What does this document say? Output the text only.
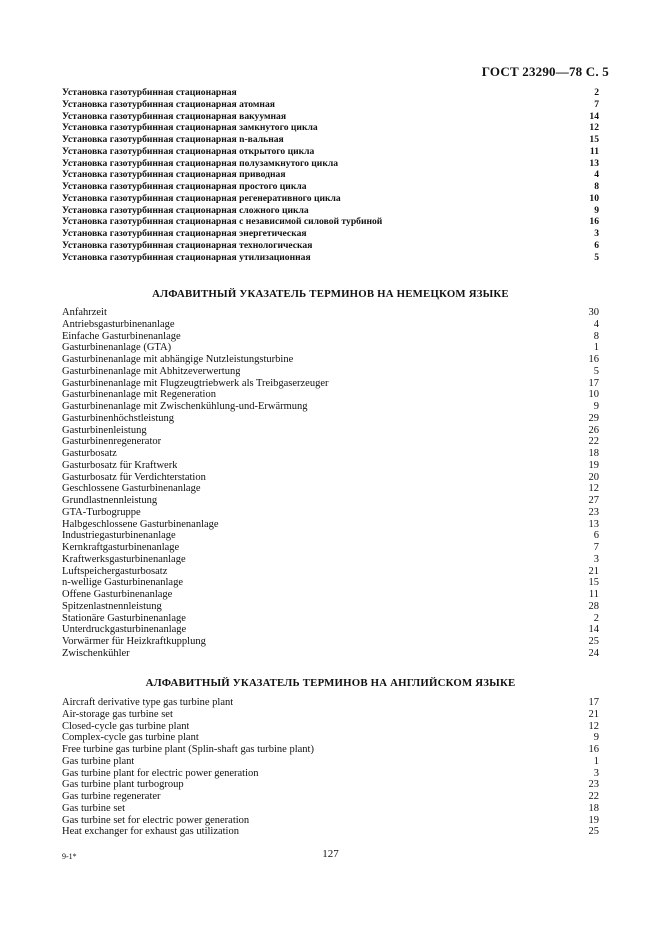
ГОСТ 23290—78 С. 5
Установка газотурбинная стационарная	2
Установка газотурбинная стационарная атомная	7
Установка газотурбинная стационарная вакуумная	14
Установка газотурбинная стационарная замкнутого цикла	12
Установка газотурбинная стационарная n-вальная	15
Установка газотурбинная стационарная открытого цикла	11
Установка газотурбинная стационарная полузамкнутого цикла	13
Установка газотурбинная стационарная приводная	4
Установка газотурбинная стационарная простого цикла	8
Установка газотурбинная стационарная регенеративного цикла	10
Установка газотурбинная стационарная сложного цикла	9
Установка газотурбинная стационарная с независимой силовой турбиной	16
Установка газотурбинная стационарная энергетическая	3
Установка газотурбинная стационарная технологическая	6
Установка газотурбинная стационарная утилизационная	5
АЛФАВИТНЫЙ УКАЗАТЕЛЬ ТЕРМИНОВ НА НЕМЕЦКОМ ЯЗЫКЕ
Anfahrzeit	30
Antriebsgasturbinenanlage	4
Einfache Gasturbinenanlage	8
Gasturbinenanlage (GTA)	1
Gasturbinenanlage mit abhängige Nutzleistungsturbine	16
Gasturbinenanlage mit Abhitzeverwertung	5
Gasturbinenanlage mit Flugzeugtriebwerk als Treibgaserzeuger	17
Gasturbinenanlage mit Regeneration	10
Gasturbinenanlage mit Zwischenkühlung-und-Erwärmung	9
Gasturbinenhöchstleistung	29
Gasturbinenleistung	26
Gasturbinenregenerator	22
Gasturbosatz	18
Gasturbosatz für Kraftwerk	19
Gasturbosatz für Verdichterstation	20
Geschlossene Gasturbinenanlage	12
Grundlastnennleistung	27
GTA-Turbogruppe	23
Halbgeschlossene Gasturbinenanlage	13
Industriegasturbinenanlage	6
Kernkraftgasturbinenanlage	7
Kraftwerksgasturbinenanlage	3
Luftspeichergasturbosatz	21
n-wellige Gasturbinenanlage	15
Offene Gasturbinenanlage	11
Spitzenlastnennleistung	28
Stationäre Gasturbinenanlage	2
Unterdruckgasturbinenanlage	14
Vorwärmer für Heizkraftkupplung	25
Zwischenkühler	24
АЛФАВИТНЫЙ УКАЗАТЕЛЬ ТЕРМИНОВ НА АНГЛИЙСКОМ ЯЗЫКЕ
Aircraft derivative type gas turbine plant	17
Air-storage gas turbine set	21
Closed-cycle gas turbine plant	12
Complex-cycle gas turbine plant	9
Free turbine gas turbine plant (Splin-shaft gas turbine plant)	16
Gas turbine plant	1
Gas turbine plant for electric power generation	3
Gas turbine plant turbogroup	23
Gas turbine regenerater	22
Gas turbine set	18
Gas turbine set for electric power generation	19
Heat exchanger for exhaust gas utilization	25
9-1*	127
